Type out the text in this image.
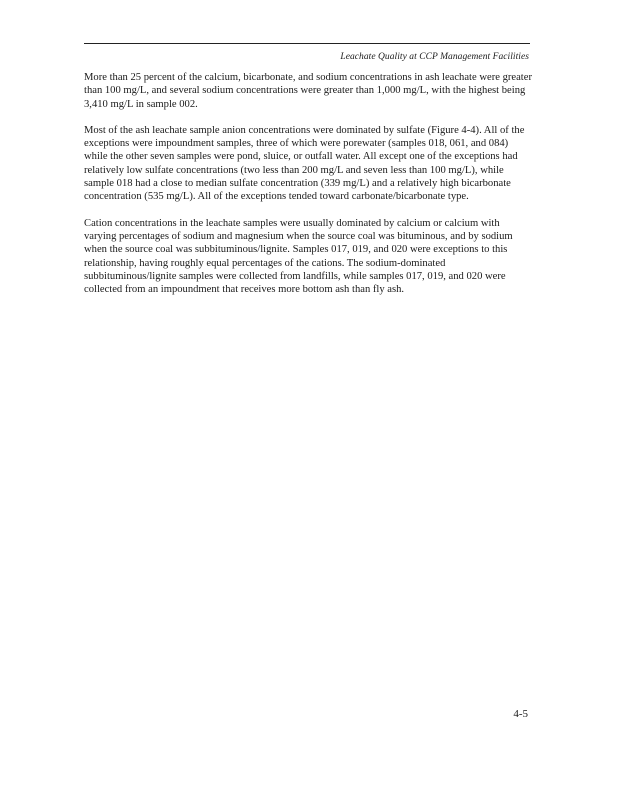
Leachate Quality at CCP Management Facilities

More than 25 percent of the calcium, bicarbonate, and sodium concentrations in ash leachate were greater than 100 mg/L, and several sodium concentrations were greater than 1,000 mg/L, with the highest being 3,410 mg/L in sample 002.

Most of the ash leachate sample anion concentrations were dominated by sulfate (Figure 4-4). All of the exceptions were impoundment samples, three of which were porewater (samples 018, 061, and 084) while the other seven samples were pond, sluice, or outfall water. All except one of the exceptions had relatively low sulfate concentrations (two less than 200 mg/L and seven less than 100 mg/L), while sample 018 had a close to median sulfate concentration (339 mg/L) and a relatively high bicarbonate concentration (535 mg/L). All of the exceptions tended toward carbonate/bicarbonate type.

Cation concentrations in the leachate samples were usually dominated by calcium or calcium with varying percentages of sodium and magnesium when the source coal was bituminous, and by sodium when the source coal was subbituminous/lignite. Samples 017, 019, and 020 were exceptions to this relationship, having roughly equal percentages of the cations. The sodium-dominated subbituminous/lignite samples were collected from landfills, while samples 017, 019, and 020 were collected from an impoundment that receives more bottom ash than fly ash.

4-5
